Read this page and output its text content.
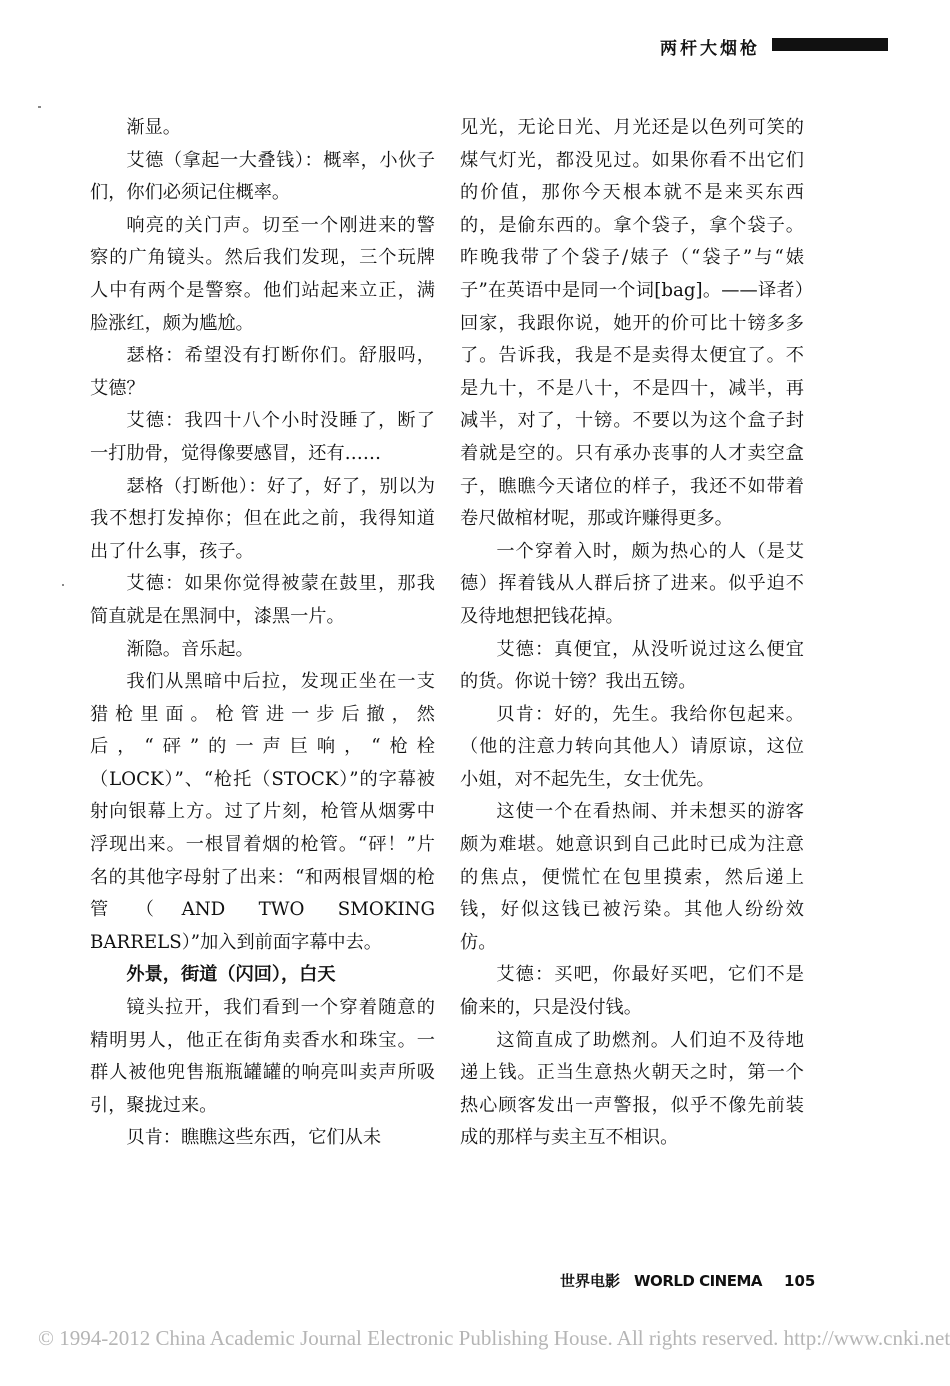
两杆大烟枪

渐显。

艾德（拿起一大叠钱）：概率，小伙子们，你们必须记住概率。

响亮的关门声。切至一个刚进来的警察的广角镜头。然后我们发现，三个玩牌人中有两个是警察。他们站起来立正，满脸涨红，颇为尴尬。

瑟格：希望没有打断你们。舒服吗，艾德？

艾德：我四十八个小时没睡了，断了一打肋骨，觉得像要感冒，还有……

瑟格（打断他）：好了，好了，别以为我不想打发掉你；但在此之前，我得知道出了什么事，孩子。

艾德：如果你觉得被蒙在鼓里，那我简直就是在黑洞中，漆黑一片。

渐隐。音乐起。

我们从黑暗中后拉，发现正坐在一支猎枪里面。枪管进一步后撤，然后，“砰”的一声巨响，“枪栓（LOCK）”、“枪托（STOCK）”的字幕被射向银幕上方。过了片刻，枪管从烟雾中浮现出来。一根冒着烟的枪管。“砰！”片名的其他字母射了出来：“和两根冒烟的枪管（AND TWO SMOKING BARRELS）”加入到前面字幕中去。

外景，街道（闪回），白天

镜头拉开，我们看到一个穿着随意的精明男人，他正在街角卖香水和珠宝。一群人被他兜售瓶瓶罐罐的响亮叫卖声所吸引，聚拢过来。

贝肯：瞧瞧这些东西，它们从未

见光，无论日光、月光还是以色列可笑的煤气灯光，都没见过。如果你看不出它们的价值，那你今天根本就不是来买东西的，是偷东西的。拿个袋子，拿个袋子。昨晚我带了个袋子/婊子（“袋子”与“婊子”在英语中是同一个词[bag]。——译者）回家，我跟你说，她开的价可比十镑多多了。告诉我，我是不是卖得太便宜了。不是九十，不是八十，不是四十，减半，再减半，对了，十镑。不要以为这个盒子封着就是空的。只有承办丧事的人才卖空盒子，瞧瞧今天诸位的样子，我还不如带着卷尺做棺材呢，那或许赚得更多。

一个穿着入时，颇为热心的人（是艾德）挥着钱从人群后挤了进来。似乎迫不及待地想把钱花掉。

艾德：真便宜，从没听说过这么便宜的货。你说十镑？我出五镑。

贝肯：好的，先生。我给你包起来。（他的注意力转向其他人）请原谅，这位小姐，对不起先生，女士优先。

这使一个在看热闹、并未想买的游客颇为难堪。她意识到自己此时已成为注意的焦点，便慌忙在包里摸索，然后递上钱，好似这钱已被污染。其他人纷纷效仿。

艾德：买吧，你最好买吧，它们不是偷来的，只是没付钱。

这简直成了助燃剂。人们迫不及待地递上钱。正当生意热火朝天之时，第一个热心顾客发出一声警报，似乎不像先前装成的那样与卖主互不相识。

世界电影 WORLD CINEMA 105
© 1994-2012 China Academic Journal Electronic Publishing House. All rights reserved. http://www.cnki.net
